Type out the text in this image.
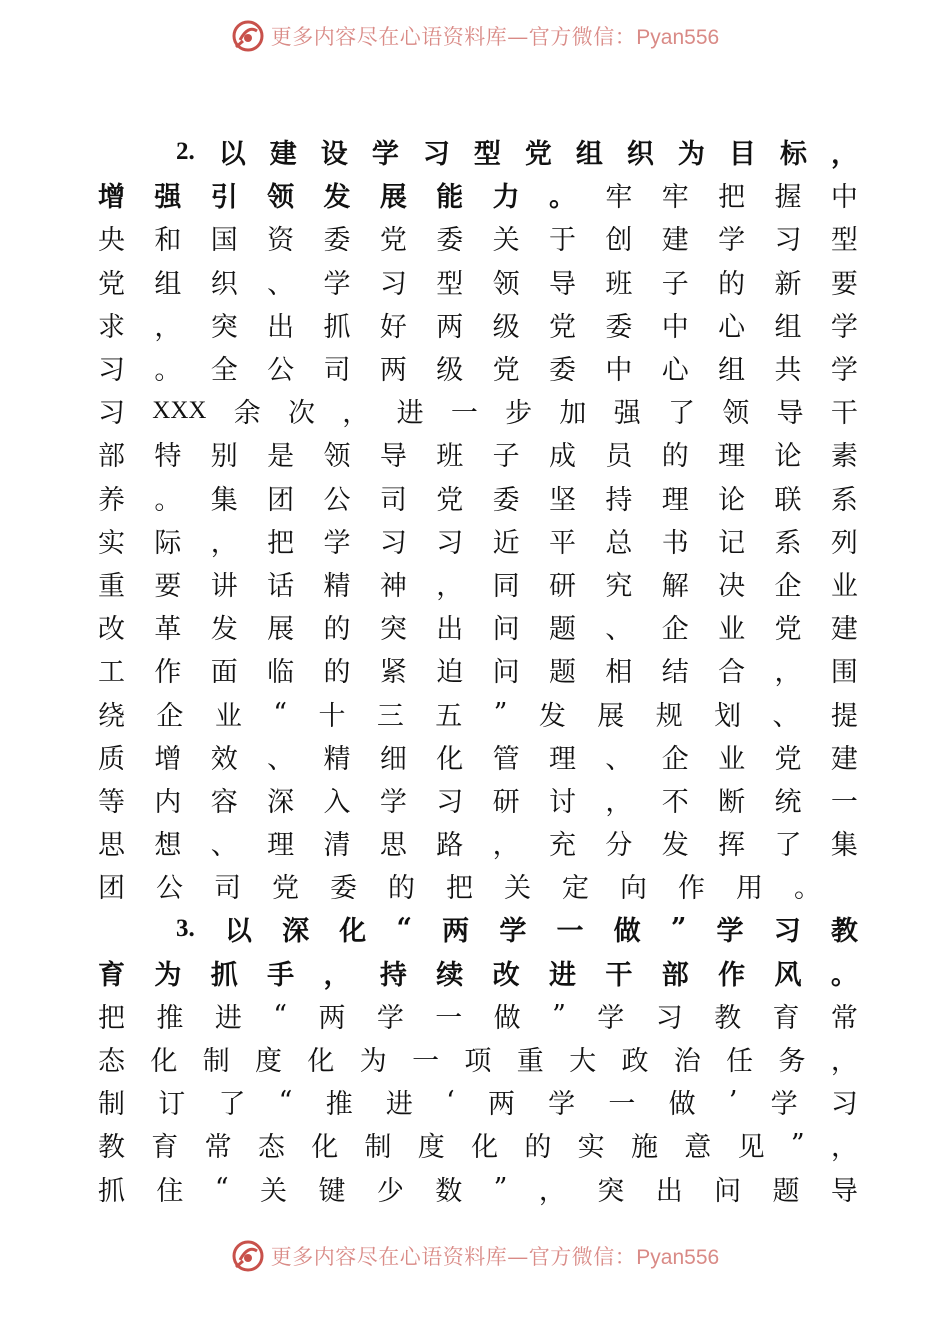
更多内容尽在心语资料库—官方微信：Pyan556
2. 以 建 设 学 习 型 党 组 织 为 目 标 ，
增 强 引 领 发 展 能 力 。 牢 牢 把 握 中
央 和 国 资 委 党 委 关 于 创 建 学 习 型
党 组 织 、 学 习 型 领 导 班 子 的 新 要
求 ， 突 出 抓 好 两 级 党 委 中 心 组 学
习 。 全 公 司 两 级 党 委 中 心 组 共 学
习 XXX 余 次 ， 进 一 步 加 强 了 领 导 干
部 特 别 是 领 导 班 子 成 员 的 理 论 素
养 。 集 团 公 司 党 委 坚 持 理 论 联 系
实 际 ， 把 学 习 习 近 平 总 书 记 系 列
重 要 讲 话 精 神 ， 同 研 究 解 决 企 业
改 革 发 展 的 突 出 问 题 、 企 业 党 建
工 作 面 临 的 紧 迫 问 题 相 结 合 ， 围
绕 企 业 “ 十 三 五 ” 发 展 规 划 、 提
质 增 效 、 精 细 化 管 理 、 企 业 党 建
等 内 容 深 入 学 习 研 讨 ， 不 断 统 一
思 想 、 理 清 思 路 ， 充 分 发 挥 了 集
团 公 司 党 委 的 把 关 定 向 作 用 。
3. 以 深 化 “ 两 学 一 做 ” 学 习 教
育 为 抓 手 ， 持 续 改 进 干 部 作 风 。
把 推 进 “ 两 学 一 做 ” 学 习 教 育 常
态 化 制 度 化 为 一 项 重 大 政 治 任 务 ，
制 订 了 “ 推 进 ‘ 两 学 一 做 ’ 学 习
教 育 常 态 化 制 度 化 的 实 施 意 见 ” ，
抓 住 “ 关 键 少 数 ” ， 突 出 问 题 导
更多内容尽在心语资料库—官方微信：Pyan556
